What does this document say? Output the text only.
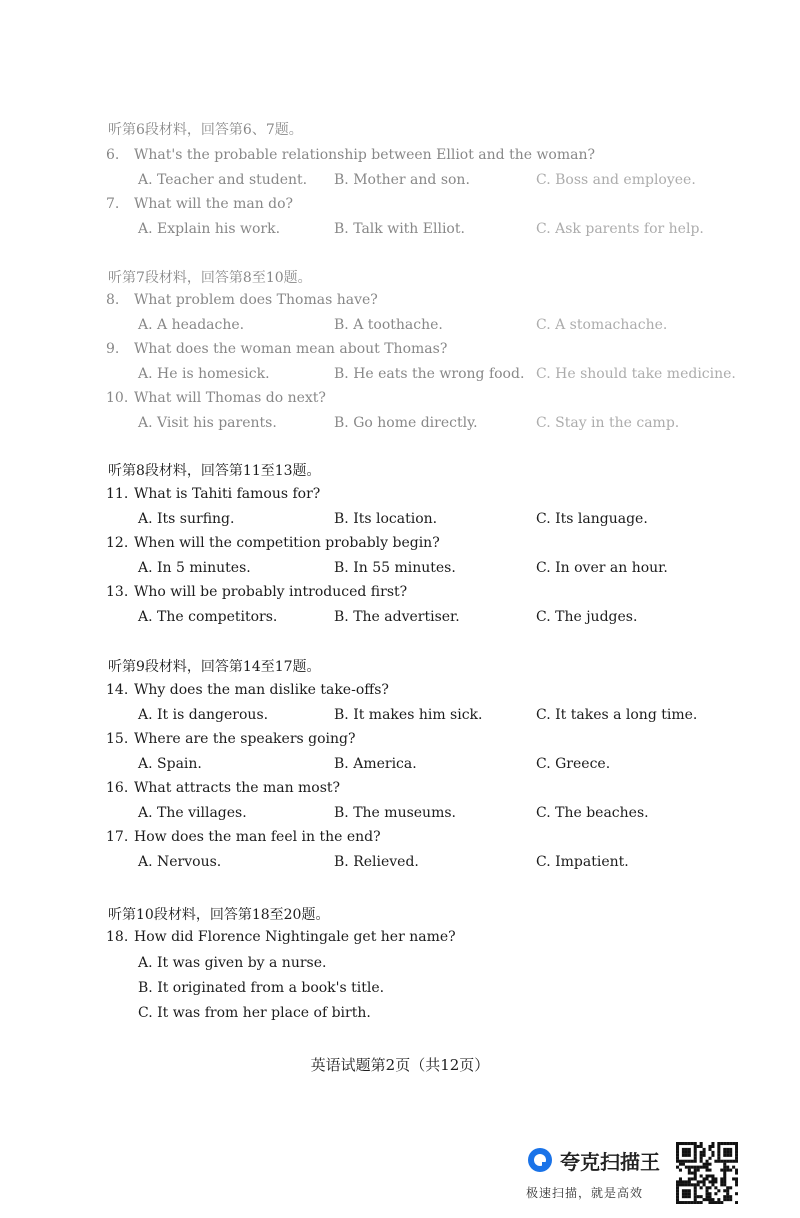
听第6段材料，回答第6、7题。
听第7段材料，回答第8至10题。
听第8段材料，回答第11至13题。
听第9段材料，回答第14至17题。
听第10段材料，回答第18至20题。
6. What's the probable relationship between Elliot and the woman?
A. Teacher and student. B. Mother and son.	C. Boss and employee.
7. What will the man do?
A. Explain his work.	B. Talk with Elliot.	C. Ask parents for help.
8. What problem does Thomas have?
A. A headache.	B. A toothache.	C. A stomachache.
9. What does the woman mean about Thomas?
A. He is homesick.	B. He eats the wrong food. C. He should take medicine.
10. What will Thomas do next?
A. Visit his parents.	B. Go home directly.	C. Stay in the camp.
11. What is Tahiti famous for?
A. Its surfing.	B. Its location.	C. Its language.
12. When will the competition probably begin?
A. In 5 minutes.	B. In 55 minutes.	C. In over an hour.
13. Who will be probably introduced first?
A. The competitors.	B. The advertiser.	C. The judges.
14. Why does the man dislike take-offs?
A. It is dangerous.	B. It makes him sick.	C. It takes a long time.
15. Where are the speakers going?
A. Spain.	B. America.	C. Greece.
16. What attracts the man most?
A. The villages.	B. The museums.	C. The beaches.
17. How does the man feel in the end?
A. Nervous.	B. Relieved.	C. Impatient.
18. How did Florence Nightingale get her name?
A. It was given by a nurse.
B. It originated from a book's title.
C. It was from her place of birth.
英语试题第2页（共12页）
夸克扫描王
极速扫描，就是高效
